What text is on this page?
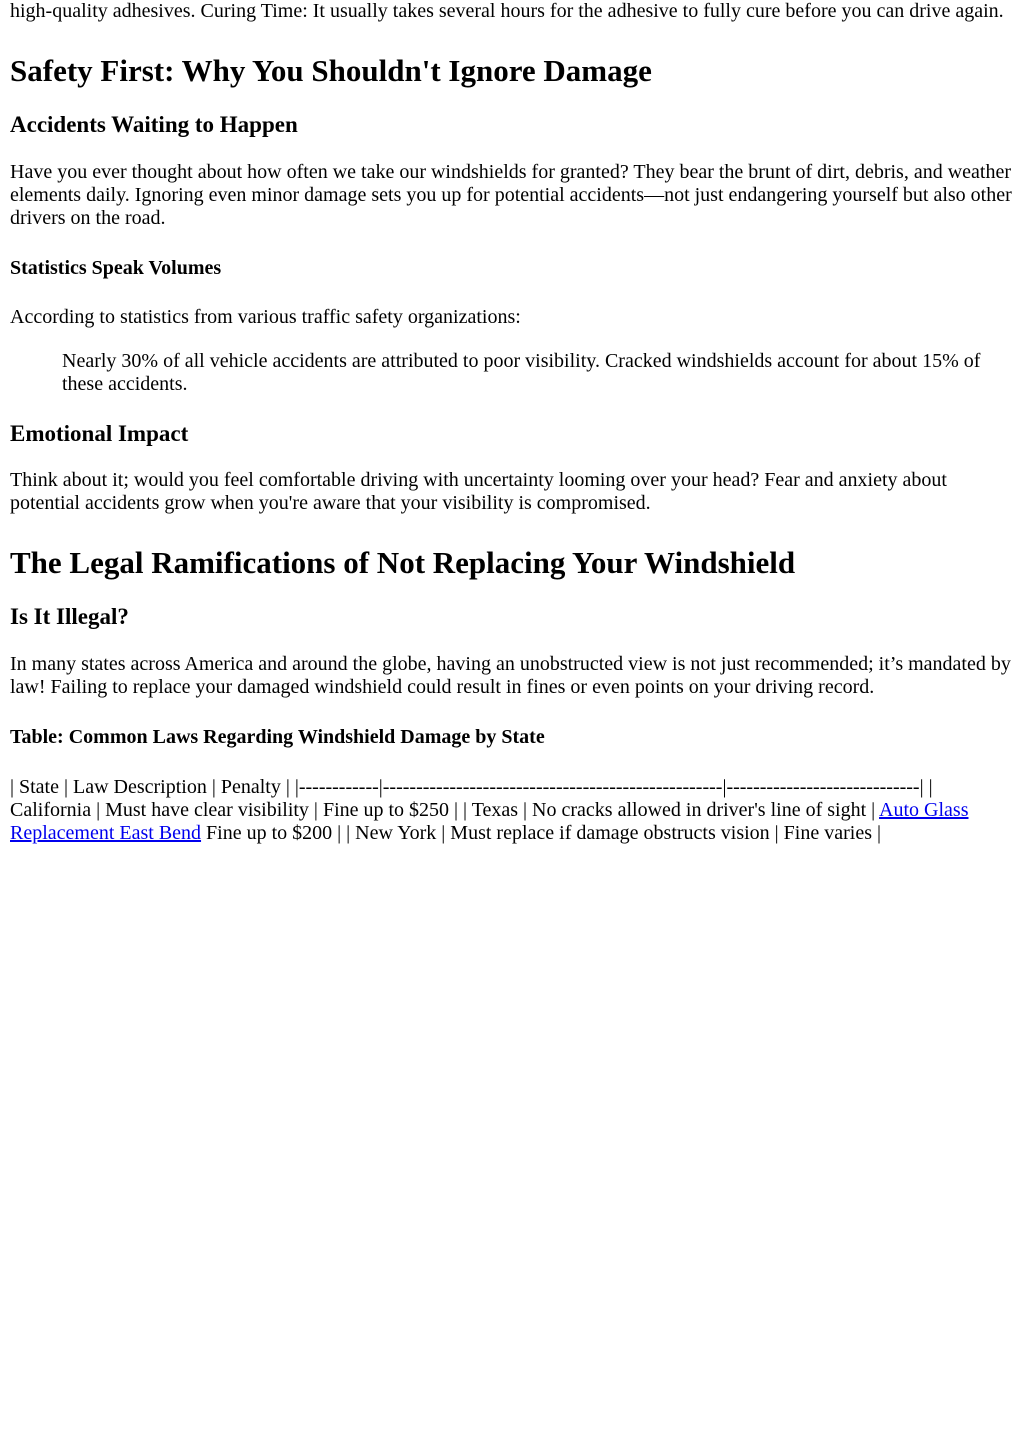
high-quality adhesives. Curing Time: It usually takes several hours for the adhesive to fully cure before you can drive again.

Safety First: Why You Shouldn't Ignore Damage
Accidents Waiting to Happen

Have you ever thought about how often we take our windshields for granted? They bear the brunt of dirt, debris, and weather elements daily. Ignoring even minor damage sets you up for potential accidents—not just endangering yourself but also other drivers on the road.

Statistics Speak Volumes

According to statistics from various traffic safety organizations:

Nearly 30% of all vehicle accidents are attributed to poor visibility. Cracked windshields account for about 15% of these accidents.
Emotional Impact

Think about it; would you feel comfortable driving with uncertainty looming over your head? Fear and anxiety about potential accidents grow when you're aware that your visibility is compromised.

The Legal Ramifications of Not Replacing Your Windshield
Is It Illegal?

In many states across America and around the globe, having an unobstructed view is not just recommended; it’s mandated by law! Failing to replace your damaged windshield could result in fines or even points on your driving record.

Table: Common Laws Regarding Windshield Damage by State

| State | Law Description | Penalty | |------------|---------------------------------------------------|-----------------------------| | California | Must have clear visibility | Fine up to $250 | | Texas | No cracks allowed in driver's line of sight | Auto Glass Replacement East Bend Fine up to $200 | | New York | Must replace if damage obstructs vision | Fine varies |
